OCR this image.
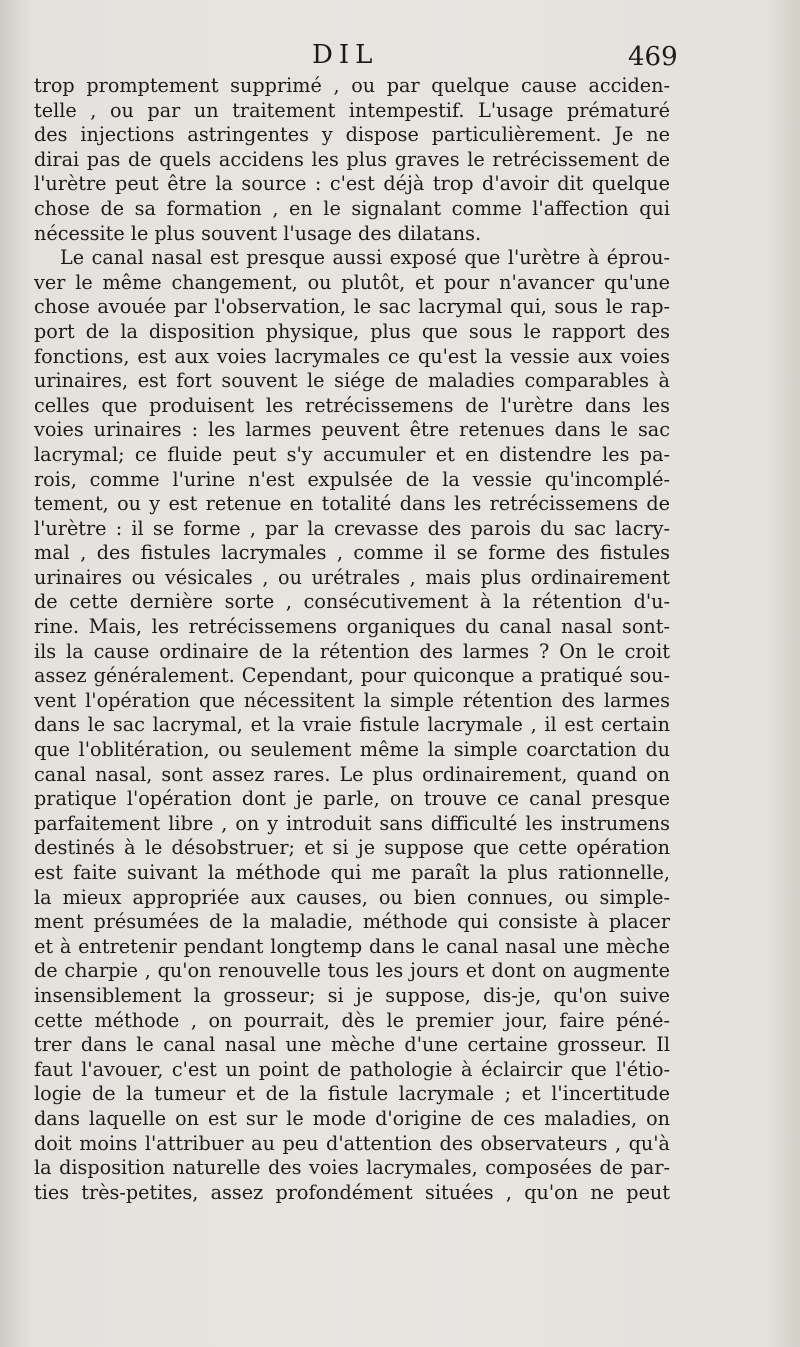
DIL	469
trop promptement supprimé , ou par quelque cause acciden-
telle , ou par un traitement intempestif. L'usage prématuré
des injections astringentes y dispose particulièrement. Je ne
dirai pas de quels accidens les plus graves le retrécissement de
l'urètre peut être la source : c'est déjà trop d'avoir dit quelque
chose de sa formation , en le signalant comme l'affection qui
nécessite le plus souvent l'usage des dilatans.
Le canal nasal est presque aussi exposé que l'urètre à éprou-
ver le même changement, ou plutôt, et pour n'avancer qu'une
chose avouée par l'observation, le sac lacrymal qui, sous le rap-
port de la disposition physique, plus que sous le rapport des
fonctions, est aux voies lacrymales ce qu'est la vessie aux voies
urinaires, est fort souvent le siége de maladies comparables à
celles que produisent les retrécissemens de l'urètre dans les
voies urinaires : les larmes peuvent être retenues dans le sac
lacrymal; ce fluide peut s'y accumuler et en distendre les pa-
rois, comme l'urine n'est expulsée de la vessie qu'incomplé-
tement, ou y est retenue en totalité dans les retrécissemens de
l'urètre : il se forme , par la crevasse des parois du sac lacry-
mal , des fistules lacrymales , comme il se forme des fistules
urinaires ou vésicales , ou urétrales , mais plus ordinairement
de cette dernière sorte , consécutivement à la rétention d'u-
rine. Mais, les retrécissemens organiques du canal nasal sont-
ils la cause ordinaire de la rétention des larmes ? On le croit
assez généralement. Cependant, pour quiconque a pratiqué sou-
vent l'opération que nécessitent la simple rétention des larmes
dans le sac lacrymal, et la vraie fistule lacrymale , il est certain
que l'oblitération, ou seulement même la simple coarctation du
canal nasal, sont assez rares. Le plus ordinairement, quand on
pratique l'opération dont je parle, on trouve ce canal presque
parfaitement libre , on y introduit sans difficulté les instrumens
destinés à le désobstruer; et si je suppose que cette opération
est faite suivant la méthode qui me paraît la plus rationnelle,
la mieux appropriée aux causes, ou bien connues, ou simple-
ment présumées de la maladie, méthode qui consiste à placer
et à entretenir pendant longtemp dans le canal nasal une mèche
de charpie , qu'on renouvelle tous les jours et dont on augmente
insensiblement la grosseur; si je suppose, dis-je, qu'on suive
cette méthode , on pourrait, dès le premier jour, faire péné-
trer dans le canal nasal une mèche d'une certaine grosseur. Il
faut l'avouer, c'est un point de pathologie à éclaircir que l'étio-
logie de la tumeur et de la fistule lacrymale ; et l'incertitude
dans laquelle on est sur le mode d'origine de ces maladies, on
doit moins l'attribuer au peu d'attention des observateurs , qu'à
la disposition naturelle des voies lacrymales, composées de par-
ties très-petites, assez profondément situées , qu'on ne peut
